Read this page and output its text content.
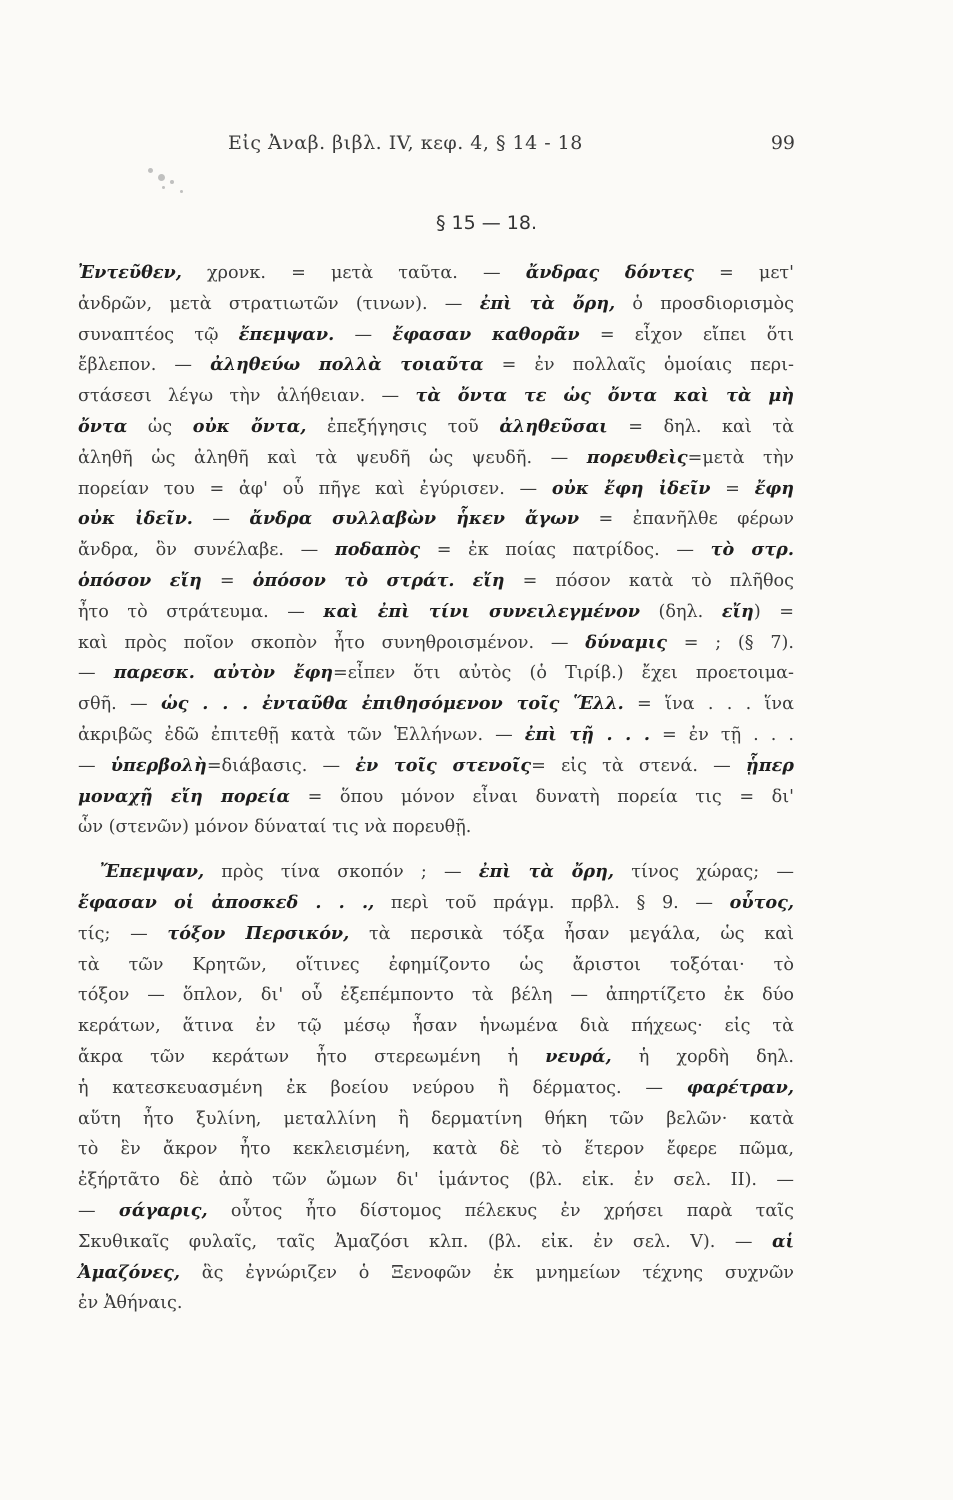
Εἰς Ἀναβ. βιβλ. IV, κεφ. 4, § 14 - 18	99
§ 15 — 18.
Ἐντεῦθεν, χρονκ. = μετὰ ταῦτα. — ἄνδρας δόντες = μετ'
ἀνδρῶν, μετὰ στρατιωτῶν (τινων). — ἐπὶ τὰ ὄρη, ὁ προσδιορισμὸς
συναπτέος τῷ ἔπεμψαν. — ἔφασαν καθορᾶν = εἶχον εἴπει ὅτι
ἔβλεπον. — ἀληθεύω πολλὰ τοιαῦτα = ἐν πολλαῖς ὁμοίαις περι-
στάσεσι λέγω τὴν ἀλήθειαν. — τὰ ὄντα τε ὡς ὄντα καὶ τὰ μὴ
ὄντα ὡς οὐκ ὄντα, ἐπεξήγησις τοῦ ἀληθεῦσαι = δηλ. καὶ τὰ
ἀληθῆ ὡς ἀληθῆ καὶ τὰ ψευδῆ ὡς ψευδῆ. — πορευθεὶς=μετὰ τὴν
πορείαν του = ἀφ' οὗ πῆγε καὶ ἐγύρισεν. — οὐκ ἔφη ἰδεῖν = ἔφη
οὐκ ἰδεῖν. — ἄνδρα συλλαβὼν ἧκεν ἄγων = ἐπανῆλθε φέρων
ἄνδρα, ὃν συνέλαβε. — ποδαπὸς = ἐκ ποίας πατρίδος. — τὸ στρ.
ὁπόσον εἴη = ὁπόσον τὸ στράτ. εἴη = πόσον κατὰ τὸ πλῆθος
ἦτο τὸ στράτευμα. — καὶ ἐπὶ τίνι συνειλεγμένον (δηλ. εἴη) =
καὶ πρὸς ποῖον σκοπὸν ἦτο συνηθροισμένον. — δύναμις = ; (§ 7).
— παρεσκ. αὐτὸν ἔφη=εἶπεν ὅτι αὐτὸς (ὁ Τιρίβ.) ἔχει προετοιμα-
σθῆ. — ὡς . . . ἐνταῦθα ἐπιθησόμενον τοῖς Ἕλλ. = ἵνα . . . ἵνα
ἀκριβῶς ἐδῶ ἐπιτεθῇ κατὰ τῶν Ἑλλήνων. — ἐπὶ τῇ . . . = ἐν τῇ . . .
— ὑπερβολὴ=διάβασις. — ἐν τοῖς στενοῖς= εἰς τὰ στενά. — ᾗπερ
μοναχῇ εἴη πορεία = ὅπου μόνον εἶναι δυνατὴ πορεία τις = δι'
ὧν (στενῶν) μόνον δύναταί τις νὰ πορευθῇ.
Ἔπεμψαν, πρὸς τίνα σκοπόν ; — ἐπὶ τὰ ὄρη, τίνος χώρας; —
ἔφασαν οἱ ἀποσκεδ . . ., περὶ τοῦ πράγμ. πρβλ. § 9. — οὗτος,
τίς; — τόξον Περσικόν, τὰ περσικὰ τόξα ἦσαν μεγάλα, ὡς καὶ
τὰ τῶν Κρητῶν, οἵτινες ἐφημίζοντο ὡς ἄριστοι τοξόται· τὸ
τόξον — ὅπλον, δι' οὗ ἐξεπέμποντο τὰ βέλη — ἀπηρτίζετο ἐκ δύο
κεράτων, ἅτινα ἐν τῷ μέσῳ ἦσαν ἡνωμένα διὰ πήχεως· εἰς τὰ
ἄκρα τῶν κεράτων ἦτο στερεωμένη ἡ νευρά, ἡ χορδὴ δηλ.
ἡ κατεσκευασμένη ἐκ βοείου νεύρου ἢ δέρματος. — φαρέτραν,
αὕτη ἦτο ξυλίνη, μεταλλίνη ἢ δερματίνη θήκη τῶν βελῶν· κατὰ
τὸ ἓν ἄκρον ἦτο κεκλεισμένη, κατὰ δὲ τὸ ἕτερον ἔφερε πῶμα,
ἐξήρτᾶτο δὲ ἀπὸ τῶν ὤμων δι' ἱμάντος (βλ. εἰκ. ἐν σελ. II). —
— σάγαρις, οὗτος ἦτο δίστομος πέλεκυς ἐν χρήσει παρὰ ταῖς
Σκυθικαῖς φυλαῖς, ταῖς Ἀμαζόσι κλπ. (βλ. εἰκ. ἐν σελ. V). — αἱ
Ἀμαζόνες, ἃς ἐγνώριζεν ὁ Ξενοφῶν ἐκ μνημείων τέχνης συχνῶν
ἐν Ἀθήναις.
